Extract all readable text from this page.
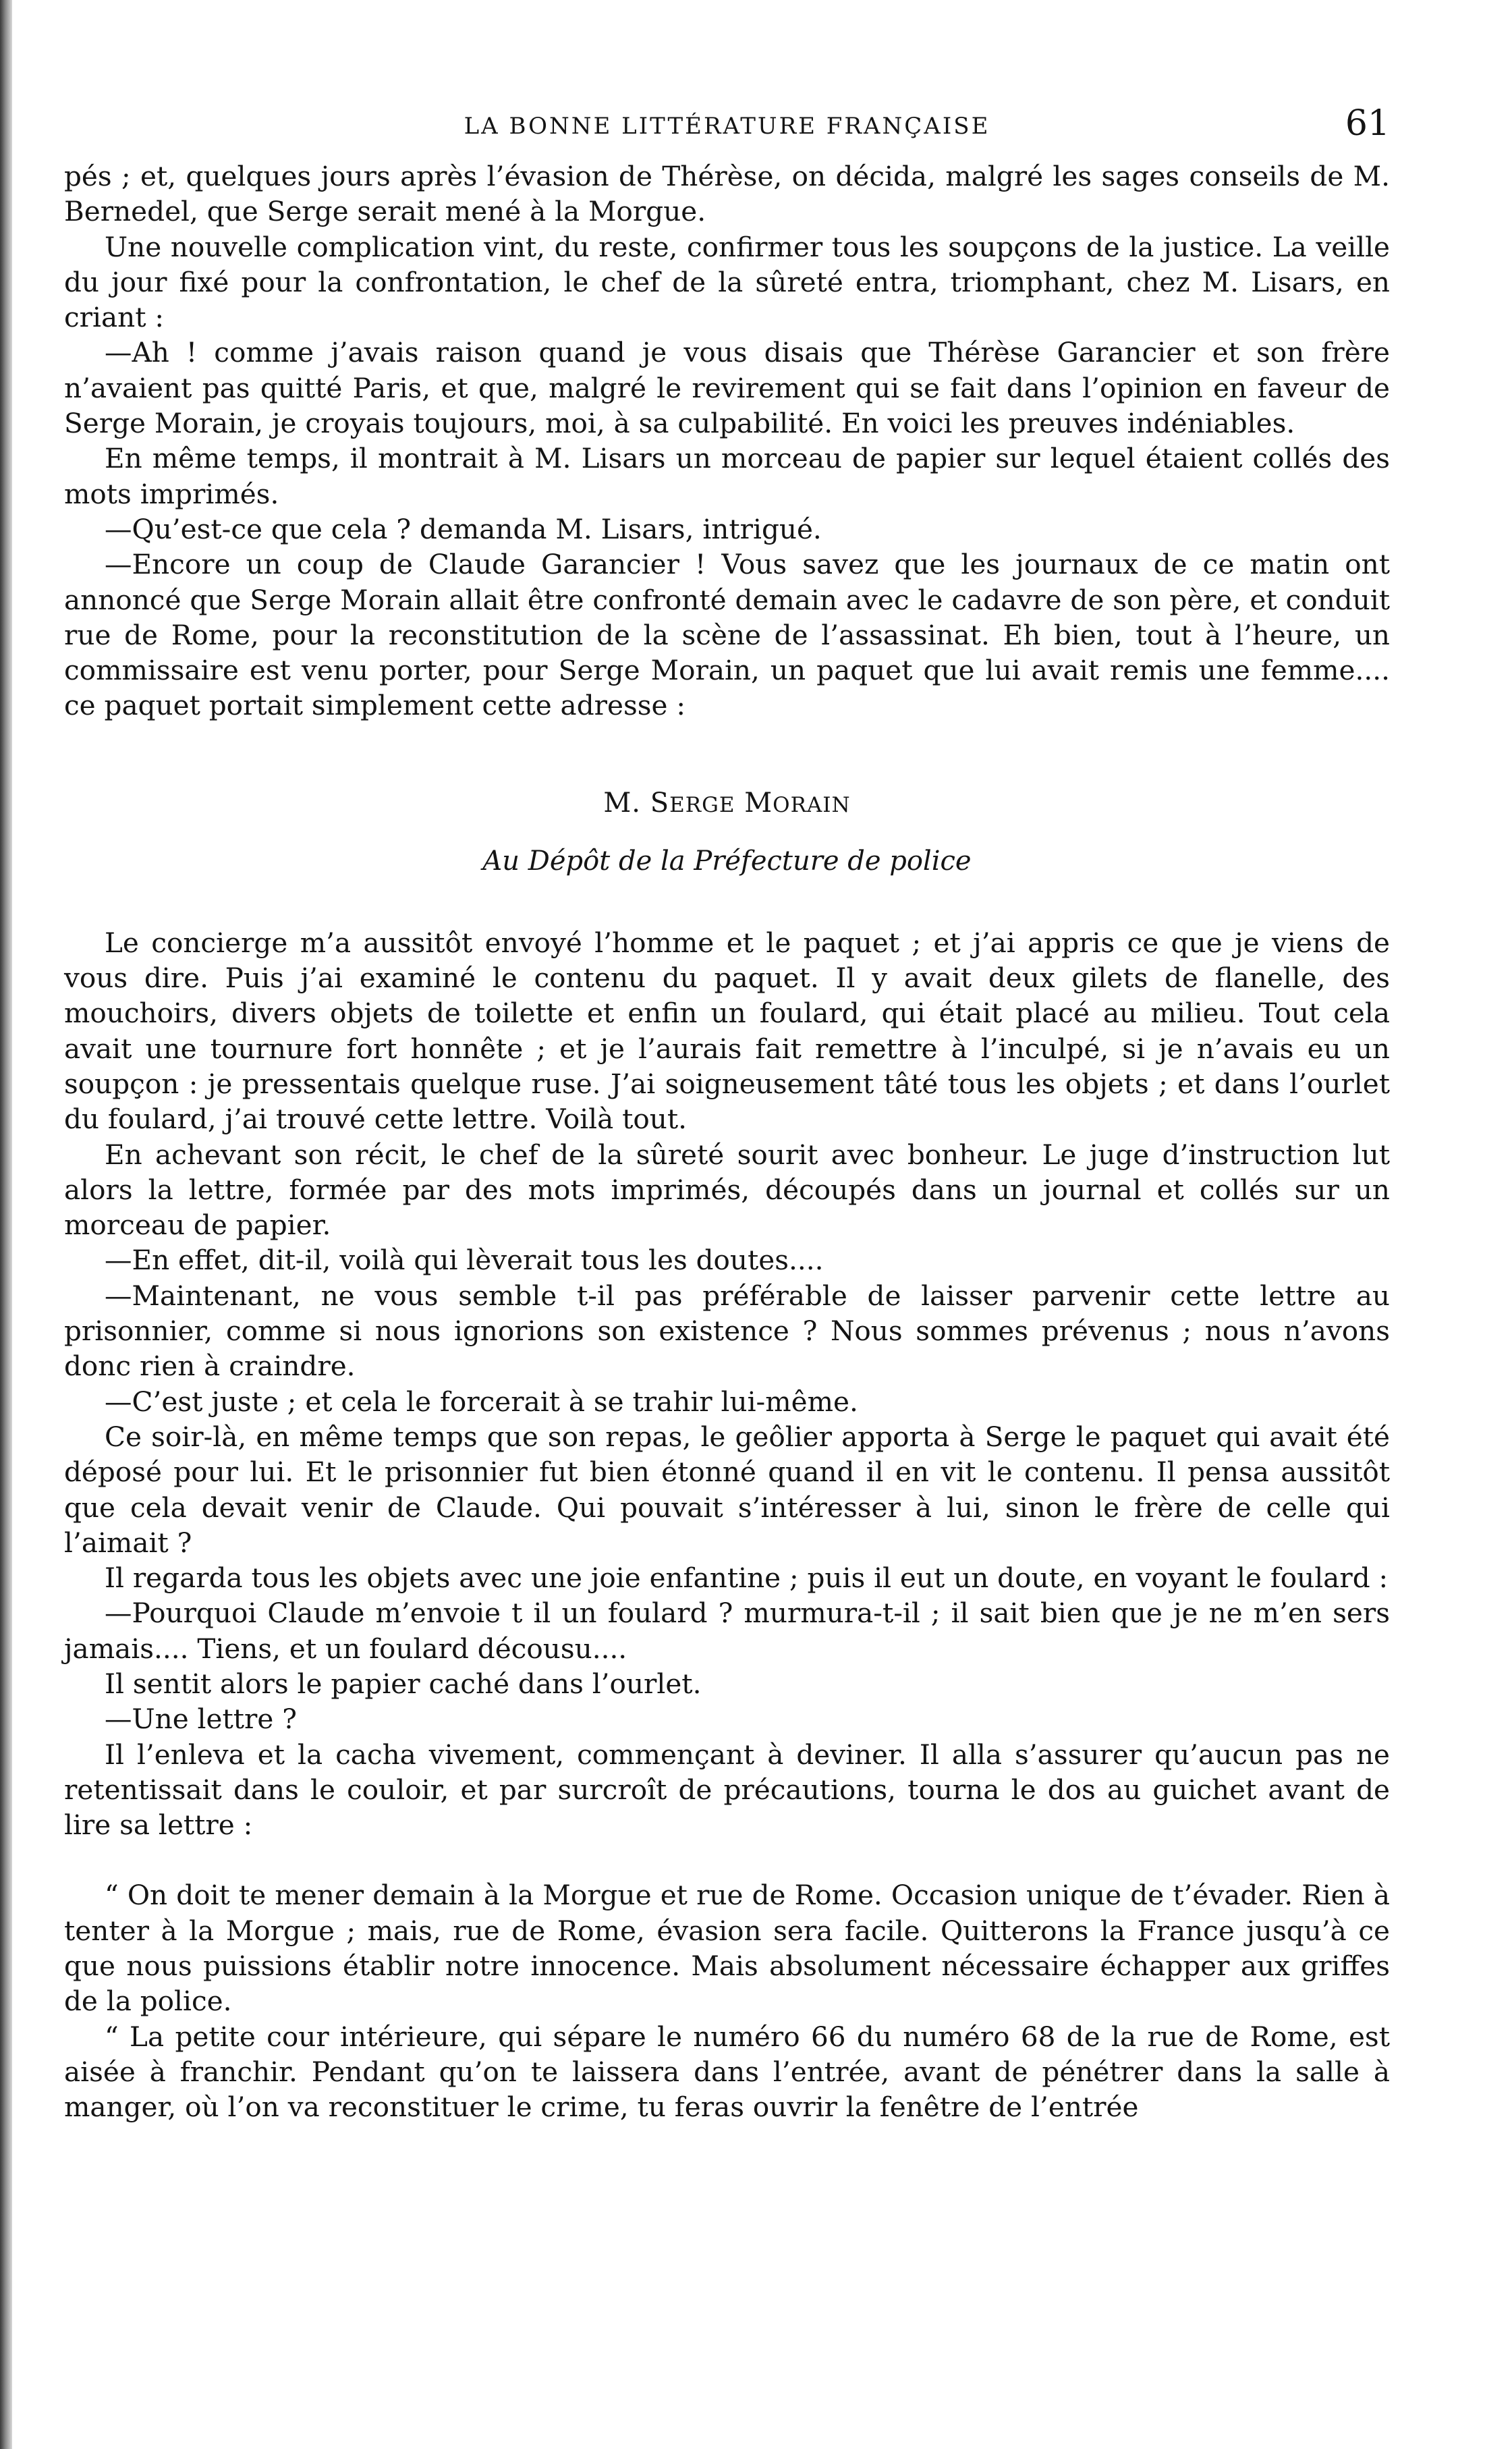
LA BONNE LITTÉRATURE FRANÇAISE	61

pés ; et, quelques jours après l’évasion de Thérèse, on décida, malgré les sages conseils de M. Bernedel, que Serge serait mené à la Morgue.

Une nouvelle complication vint, du reste, confirmer tous les soupçons de la justice. La veille du jour fixé pour la confrontation, le chef de la sûreté entra, triomphant, chez M. Lisars, en criant :

—Ah ! comme j’avais raison quand je vous disais que Thérèse Garancier et son frère n’avaient pas quitté Paris, et que, malgré le revirement qui se fait dans l’opinion en faveur de Serge Morain, je croyais toujours, moi, à sa culpabilité. En voici les preuves indéniables.

En même temps, il montrait à M. Lisars un morceau de papier sur lequel étaient collés des mots imprimés.

—Qu’est-ce que cela ? demanda M. Lisars, intrigué.

—Encore un coup de Claude Garancier ! Vous savez que les journaux de ce matin ont annoncé que Serge Morain allait être confronté demain avec le cadavre de son père, et conduit rue de Rome, pour la reconstitution de la scène de l’assassinat. Eh bien, tout à l’heure, un commissaire est venu porter, pour Serge Morain, un paquet que lui avait remis une femme.... ce paquet portait simplement cette adresse :

M. SERGE MORAIN
Au Dépôt de la Préfecture de police

Le concierge m’a aussitôt envoyé l’homme et le paquet ; et j’ai appris ce que je viens de vous dire. Puis j’ai examiné le contenu du paquet. Il y avait deux gilets de flanelle, des mouchoirs, divers objets de toilette et enfin un foulard, qui était placé au milieu. Tout cela avait une tournure fort honnête ; et je l’aurais fait remettre à l’inculpé, si je n’avais eu un soupçon : je pressentais quelque ruse. J’ai soigneusement tâté tous les objets ; et dans l’ourlet du foulard, j’ai trouvé cette lettre. Voilà tout.

En achevant son récit, le chef de la sûreté sourit avec bonheur. Le juge d’instruction lut alors la lettre, formée par des mots imprimés, découpés dans un journal et collés sur un morceau de papier.

—En effet, dit-il, voilà qui lèverait tous les doutes....

—Maintenant, ne vous semble t-il pas préférable de laisser parvenir cette lettre au prisonnier, comme si nous ignorions son existence ? Nous sommes prévenus ; nous n’avons donc rien à craindre.

—C’est juste ; et cela le forcerait à se trahir lui-même.

Ce soir-là, en même temps que son repas, le geôlier apporta à Serge le paquet qui avait été déposé pour lui. Et le prisonnier fut bien étonné quand il en vit le contenu. Il pensa aussitôt que cela devait venir de Claude. Qui pouvait s’intéresser à lui, sinon le frère de celle qui l’aimait ?

Il regarda tous les objets avec une joie enfantine ; puis il eut un doute, en voyant le foulard :

—Pourquoi Claude m’envoie t il un foulard ? murmura-t-il ; il sait bien que je ne m’en sers jamais.... Tiens, et un foulard décousu....

Il sentit alors le papier caché dans l’ourlet.

—Une lettre ?

Il l’enleva et la cacha vivement, commençant à deviner. Il alla s’assurer qu’aucun pas ne retentissait dans le couloir, et par surcroît de précautions, tourna le dos au guichet avant de lire sa lettre :

“ On doit te mener demain à la Morgue et rue de Rome. Occasion unique de t’évader. Rien à tenter à la Morgue ; mais, rue de Rome, évasion sera facile. Quitterons la France jusqu’à ce que nous puissions établir notre innocence. Mais absolument nécessaire échapper aux griffes de la police.

“ La petite cour intérieure, qui sépare le numéro 66 du numéro 68 de la rue de Rome, est aisée à franchir. Pendant qu’on te laissera dans l’entrée, avant de pénétrer dans la salle à manger, où l’on va reconstituer le crime, tu feras ouvrir la fenêtre de l’entrée
